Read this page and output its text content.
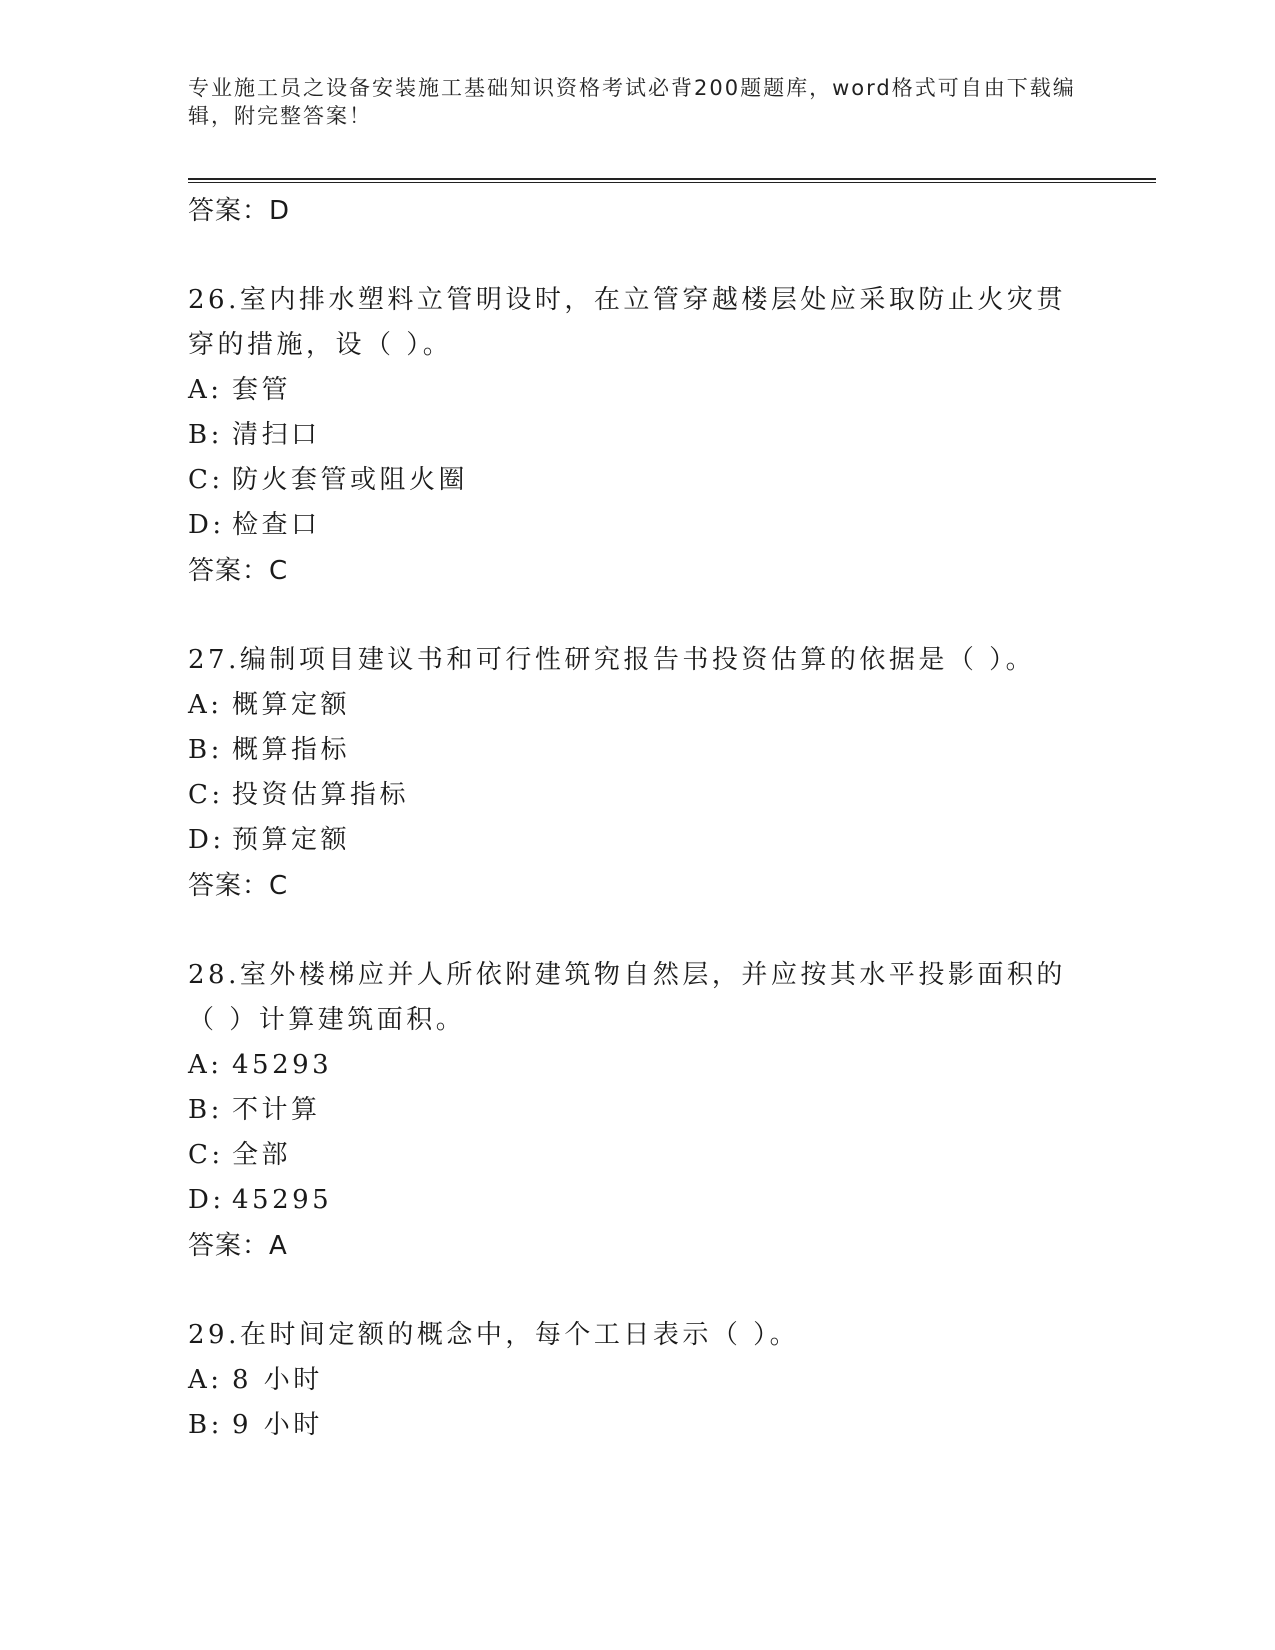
专业施工员之设备安装施工基础知识资格考试必背200题题库，word格式可自由下载编辑，附完整答案！
答案：D
26.室内排水塑料立管明设时，在立管穿越楼层处应采取防止火灾贯穿的措施，设（ ）。
A: 套管
B: 清扫口
C: 防火套管或阻火圈
D: 检查口
答案：C
27.编制项目建议书和可行性研究报告书投资估算的依据是（ ）。
A: 概算定额
B: 概算指标
C: 投资估算指标
D: 预算定额
答案：C
28.室外楼梯应并人所依附建筑物自然层，并应按其水平投影面积的（ ）计算建筑面积。
A: 45293
B: 不计算
C: 全部
D: 45295
答案：A
29.在时间定额的概念中，每个工日表示（ ）。
A: 8 小时
B: 9 小时
